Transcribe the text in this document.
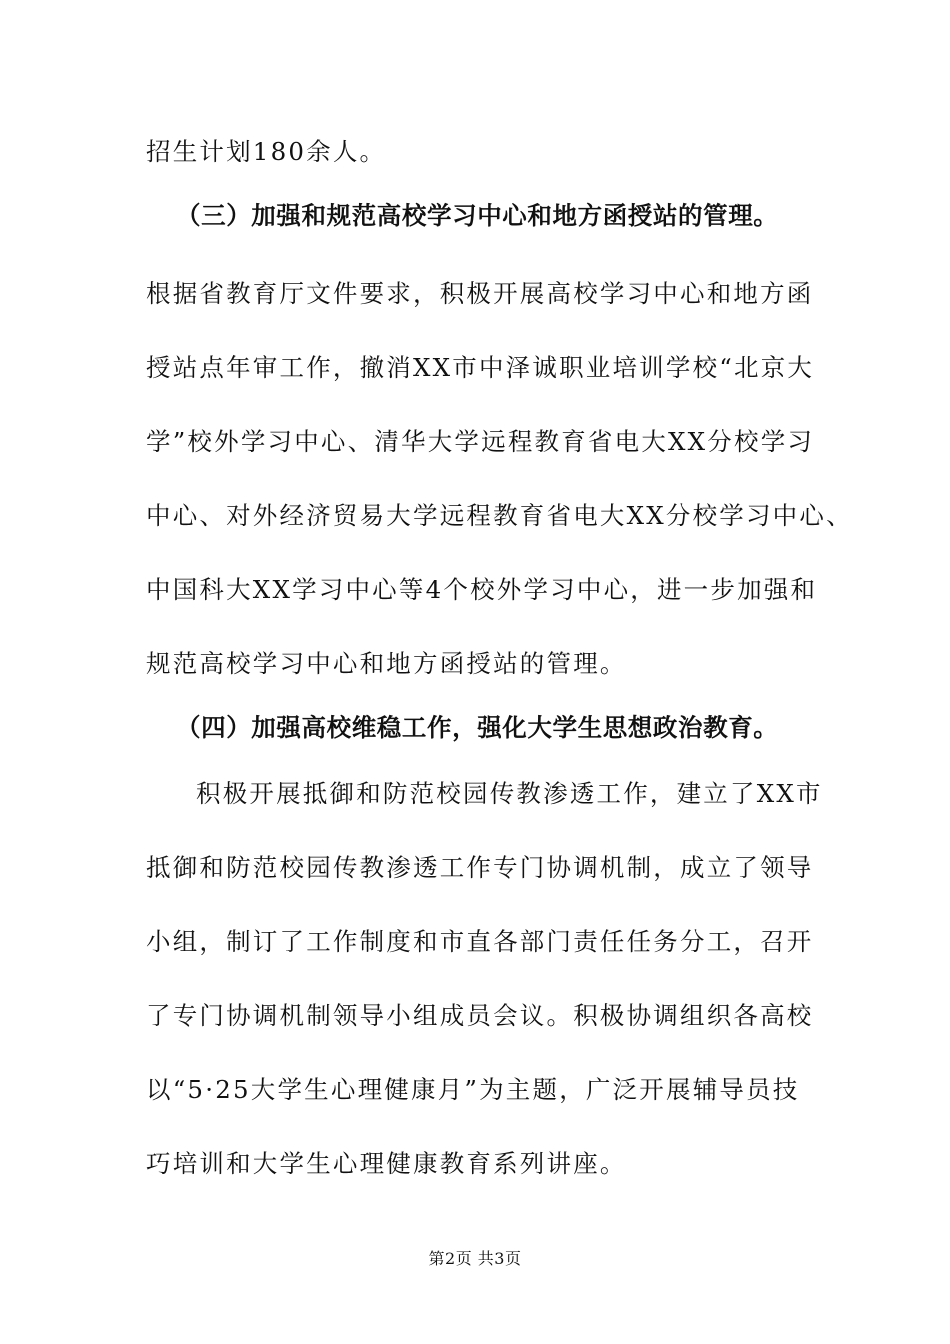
招生计划180余人。
（三）加强和规范高校学习中心和地方函授站的管理。
根据省教育厅文件要求，积极开展高校学习中心和地方函
授站点年审工作，撤消XX市中泽诚职业培训学校“北京大
学”校外学习中心、清华大学远程教育省电大XX分校学习
中心、对外经济贸易大学远程教育省电大XX分校学习中心、
中国科大XX学习中心等4个校外学习中心，进一步加强和
规范高校学习中心和地方函授站的管理。
（四）加强高校维稳工作，强化大学生思想政治教育。
积极开展抵御和防范校园传教渗透工作，建立了XX市
抵御和防范校园传教渗透工作专门协调机制，成立了领导
小组，制订了工作制度和市直各部门责任任务分工，召开
了专门协调机制领导小组成员会议。积极协调组织各高校
以“5·25大学生心理健康月”为主题，广泛开展辅导员技
巧培训和大学生心理健康教育系列讲座。
第2页 共3页
